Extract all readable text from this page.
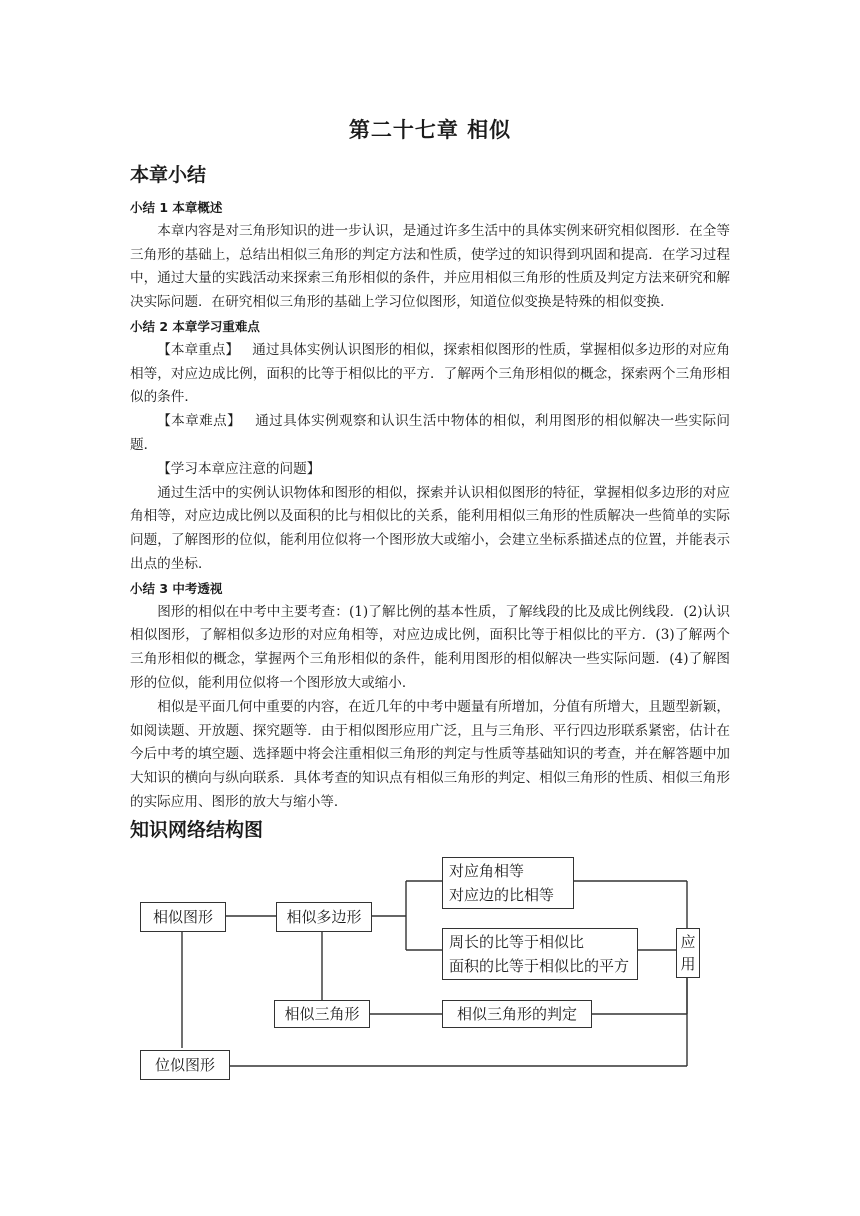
第二十七章 相似
本章小结
小结 1 本章概述

本章内容是对三角形知识的进一步认识，是通过许多生活中的具体实例来研究相似图形．在全等三角形的基础上，总结出相似三角形的判定方法和性质，使学过的知识得到巩固和提高．在学习过程中，通过大量的实践活动来探索三角形相似的条件，并应用相似三角形的性质及判定方法来研究和解决实际问题．在研究相似三角形的基础上学习位似图形，知道位似变换是特殊的相似变换．

小结 2 本章学习重难点

【本章重点】 通过具体实例认识图形的相似，探索相似图形的性质，掌握相似多边形的对应角相等，对应边成比例，面积的比等于相似比的平方．了解两个三角形相似的概念，探索两个三角形相似的条件．

【本章难点】 通过具体实例观察和认识生活中物体的相似，利用图形的相似解决一些实际问题．

【学习本章应注意的问题】

通过生活中的实例认识物体和图形的相似，探索并认识相似图形的特征，掌握相似多边形的对应角相等，对应边成比例以及面积的比与相似比的关系，能利用相似三角形的性质解决一些简单的实际问题，了解图形的位似，能利用位似将一个图形放大或缩小，会建立坐标系描述点的位置，并能表示出点的坐标．

小结 3 中考透视

图形的相似在中考中主要考查：(1)了解比例的基本性质，了解线段的比及成比例线段．(2)认识相似图形，了解相似多边形的对应角相等，对应边成比例，面积比等于相似比的平方．(3)了解两个三角形相似的概念，掌握两个三角形相似的条件，能利用图形的相似解决一些实际问题．(4)了解图形的位似，能利用位似将一个图形放大或缩小．

相似是平面几何中重要的内容，在近几年的中考中题量有所增加，分值有所增大，且题型新颖，如阅读题、开放题、探究题等．由于相似图形应用广泛，且与三角形、平行四边形联系紧密，估计在今后中考的填空题、选择题中将会注重相似三角形的判定与性质等基础知识的考查，并在解答题中加大知识的横向与纵向联系．具体考查的知识点有相似三角形的判定、相似三角形的性质、相似三角形的实际应用、图形的放大与缩小等．

知识网络结构图
相似图形	相似多边形
对应角相等
对应边的比相等
周长的比等于相似比
面积的比等于相似比的平方
应
用
相似三角形	相似三角形的判定
位似图形
